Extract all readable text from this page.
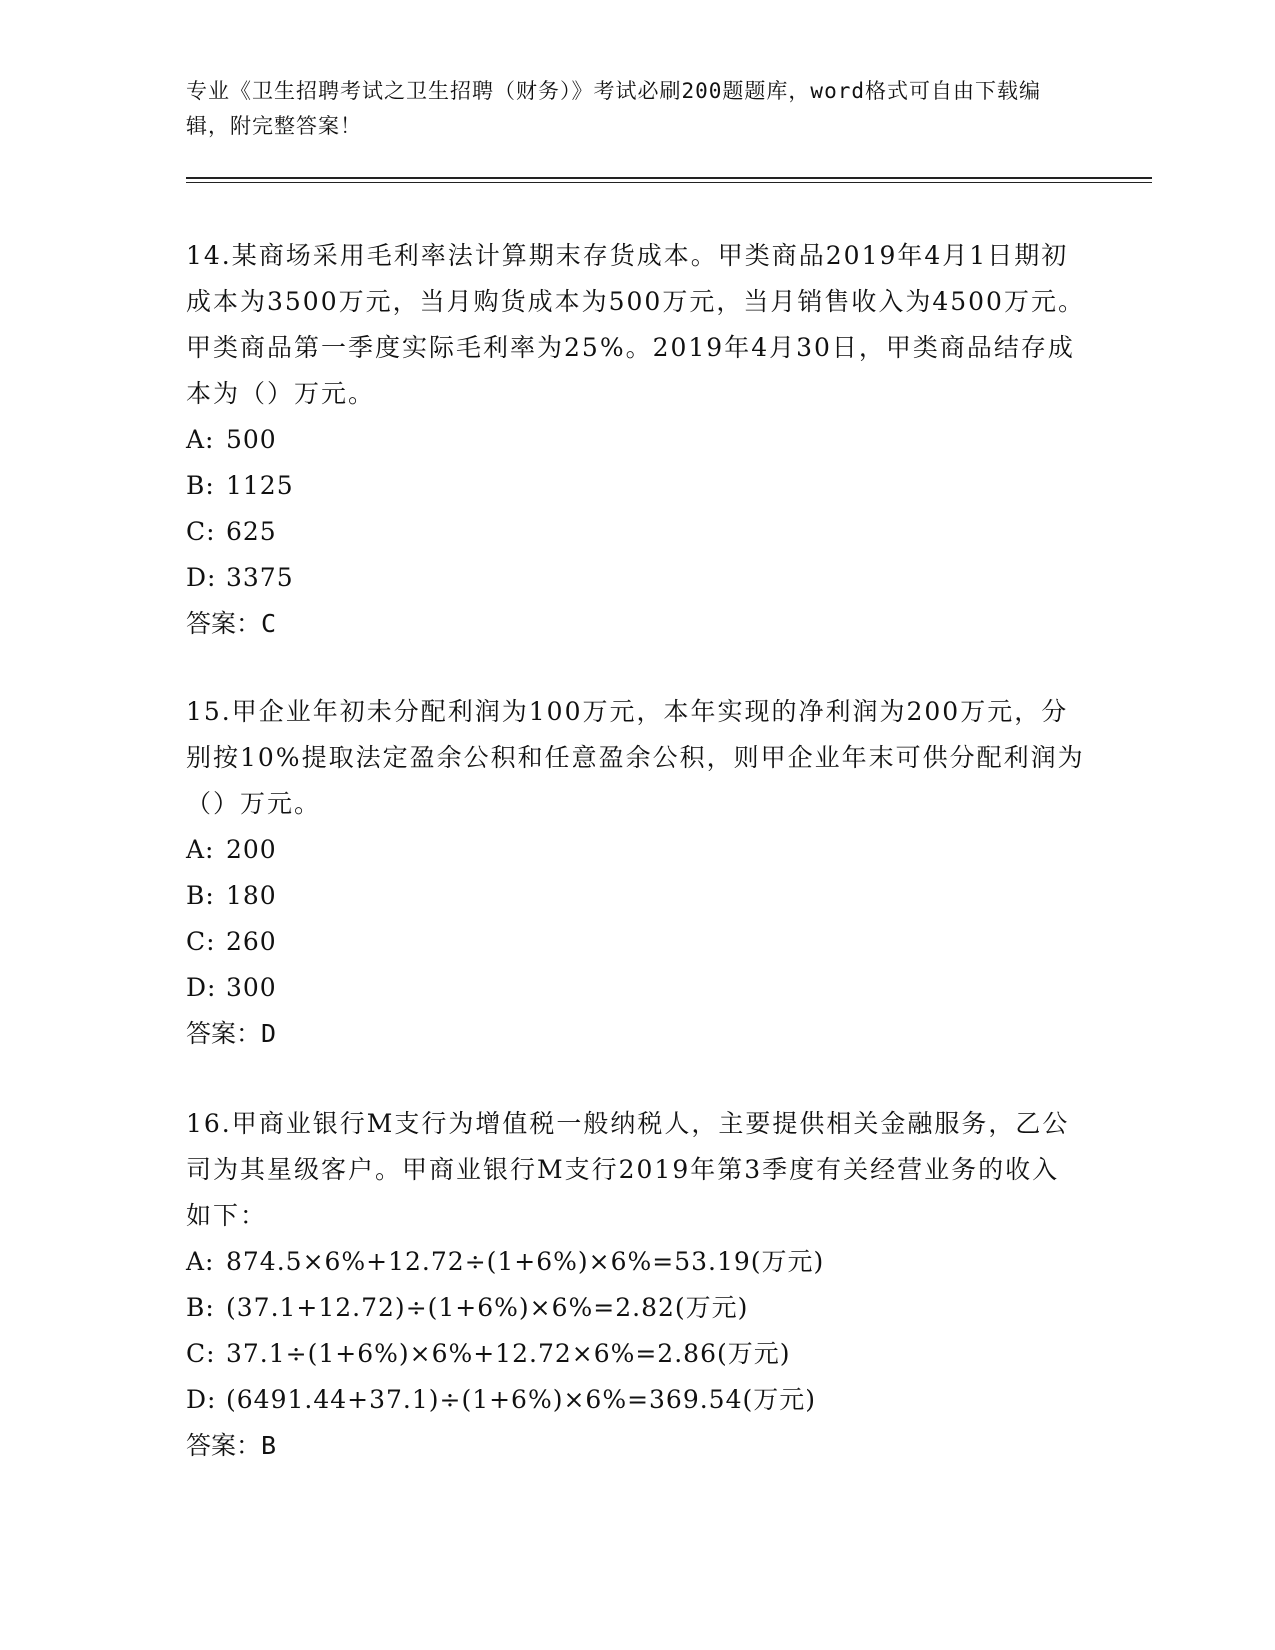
专业《卫生招聘考试之卫生招聘（财务）》考试必刷200题题库，word格式可自由下载编辑，附完整答案！

14.某商场采用毛利率法计算期末存货成本。甲类商品2019年4月1日期初成本为3500万元，当月购货成本为500万元，当月销售收入为4500万元。甲类商品第一季度实际毛利率为25%。2019年4月30日，甲类商品结存成本为（）万元。

A: 500

B: 1125

C: 625

D: 3375

答案：C

15.甲企业年初未分配利润为100万元，本年实现的净利润为200万元，分别按10%提取法定盈余公积和任意盈余公积，则甲企业年末可供分配利润为（）万元。

A: 200

B: 180

C: 260

D: 300

答案：D

16.甲商业银行M支行为增值税一般纳税人，主要提供相关金融服务，乙公司为其星级客户。甲商业银行M支行2019年第3季度有关经营业务的收入如下：

A: 874.5×6%+12.72÷(1+6%)×6%=53.19(万元)

B: (37.1+12.72)÷(1+6%)×6%=2.82(万元)

C: 37.1÷(1+6%)×6%+12.72×6%=2.86(万元)

D: (6491.44+37.1)÷(1+6%)×6%=369.54(万元)

答案：B
